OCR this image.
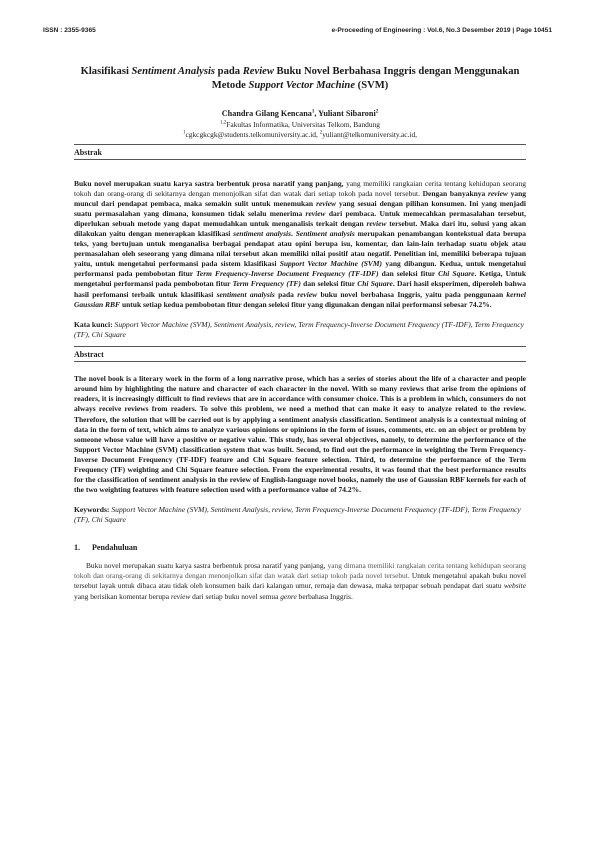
ISSN : 2355-9365	e-Proceeding of Engineering : Vol.6, No.3 Desember 2019 | Page 10451
Klasifikasi Sentiment Analysis pada Review Buku Novel Berbahasa Inggris dengan Menggunakan Metode Support Vector Machine (SVM)
Chandra Gilang Kencana$^1$, Yuliant Sibaroni$^2$
$^{1,2}$Fakultas Informatika, Universitas Telkom, Bandung
$^1$cgkcgkcgk@students.telkomuniversity.ac.id, $^2$yuliant@telkomuniversity.ac.id,
Abstrak

Buku novel merupakan suatu karya sastra berbentuk prosa naratif yang panjang, yang memiliki rangkaian cerita tentang kehidupan seorang tokoh dan orang-orang di sekitarnya dengan menonjolkan sifat dan watak dari setiap tokoh pada novel tersebut. Dengan banyaknya review yang muncul dari pendapat pembaca, maka semakin sulit untuk menemukan review yang sesuai dengan pilihan konsumen. Ini yang menjadi suatu permasalahan yang dimana, konsumen tidak selalu menerima review dari pembaca. Untuk memecahkan permasalahan tersebut, diperlukan sebuah metode yang dapat memudahkan untuk menganalisis terkait dengan review tersebut. Maka dari itu, solusi yang akan dilakukan yaitu dengan menerapkan klasifikasi sentiment analysis. Sentiment analysis merupakan penambangan kontekstual data berupa teks, yang bertujuan untuk menganalisa berbagai pendapat atau opini berupa isu, komentar, dan lain-lain terhadap suatu objek atau permasalahan oleh seseorang yang dimana nilai tersebut akan memiliki nilai positif atau negatif. Penelitian ini, memiliki beberapa tujuan yaitu, untuk mengetahui performansi pada sistem klasifikasi Support Vector Machine (SVM) yang dibangun. Kedua, untuk mengetahui performansi pada pembobotan fitur Term Frequency-Inverse Document Frequency (TF-IDF) dan seleksi fitur Chi Square. Ketiga, Untuk mengetahui performansi pada pembobotan fitur Term Frequency (TF) dan seleksi fitur Chi Square. Dari hasil eksperimen, diperoleh bahwa hasil perfomansi terbaik untuk klasifikasi sentiment analysis pada review buku novel berbahasa Inggris, yaitu pada penggunaan kernel Gaussian RBF untuk setiap kedua pembobotan fitur dengan seleksi fitur yang digunakan dengan nilai performansi sebesar 74.2%.

Kata kunci: Support Vector Machine (SVM), Sentiment Analysis, review, Term Frequency-Inverse Document Frequency (TF-IDF), Term Frequency (TF), Chi Square

Abstract

The novel book is a literary work in the form of a long narrative prose, which has a series of stories about the life of a character and people around him by highlighting the nature and character of each character in the novel. With so many reviews that arise from the opinions of readers, it is increasingly difficult to find reviews that are in accordance with consumer choice. This is a problem in which, consumers do not always receive reviews from readers. To solve this problem, we need a method that can make it easy to analyze related to the review. Therefore, the solution that will be carried out is by applying a sentiment analysis classification. Sentiment analysis is a contextual mining of data in the form of text, which aims to analyze various opinions or opinions in the form of issues, comments, etc. on an object or problem by someone whose value will have a positive or negative value. This study, has several objectives, namely, to determine the performance of the Support Vector Machine (SVM) classification system that was built. Second, to find out the performance in weighting the Term Frequency-Inverse Document Frequency (TF-IDF) feature and Chi Square feature selection. Third, to determine the performance of the Term Frequency (TF) weighting and Chi Square feature selection. From the experimental results, it was found that the best performance results for the classification of sentiment analysis in the review of English-language novel books, namely the use of Gaussian RBF kernels for each of the two weighting features with feature selection used with a performance value of 74.2%.

Keywords: Support Vector Machine (SVM), Sentiment Analysis, review, Term Frequency-Inverse Document Frequency (TF-IDF), Term Frequency (TF), Chi Square

1. Pendahuluan

Buku novel merupakan suatu karya sastra berbentuk prosa naratif yang panjang, yang dimana memiliki rangkaian cerita tentang kehidupan seorang tokoh dan orang-orang di sekitarnya dengan menonjolkan sifat dan watak dari setiap tokoh pada novel tersebut. Untuk mengetahui apakah buku novel tersebut layak untuk dibaca atau tidak oleh konsumen baik dari kalangan umur, remaja dan dewasa, maka terpapar sebuah pendapat dari suatu website yang berisikan komentar berupa review dari setiap buku novel semua genre berbahasa Inggris.
